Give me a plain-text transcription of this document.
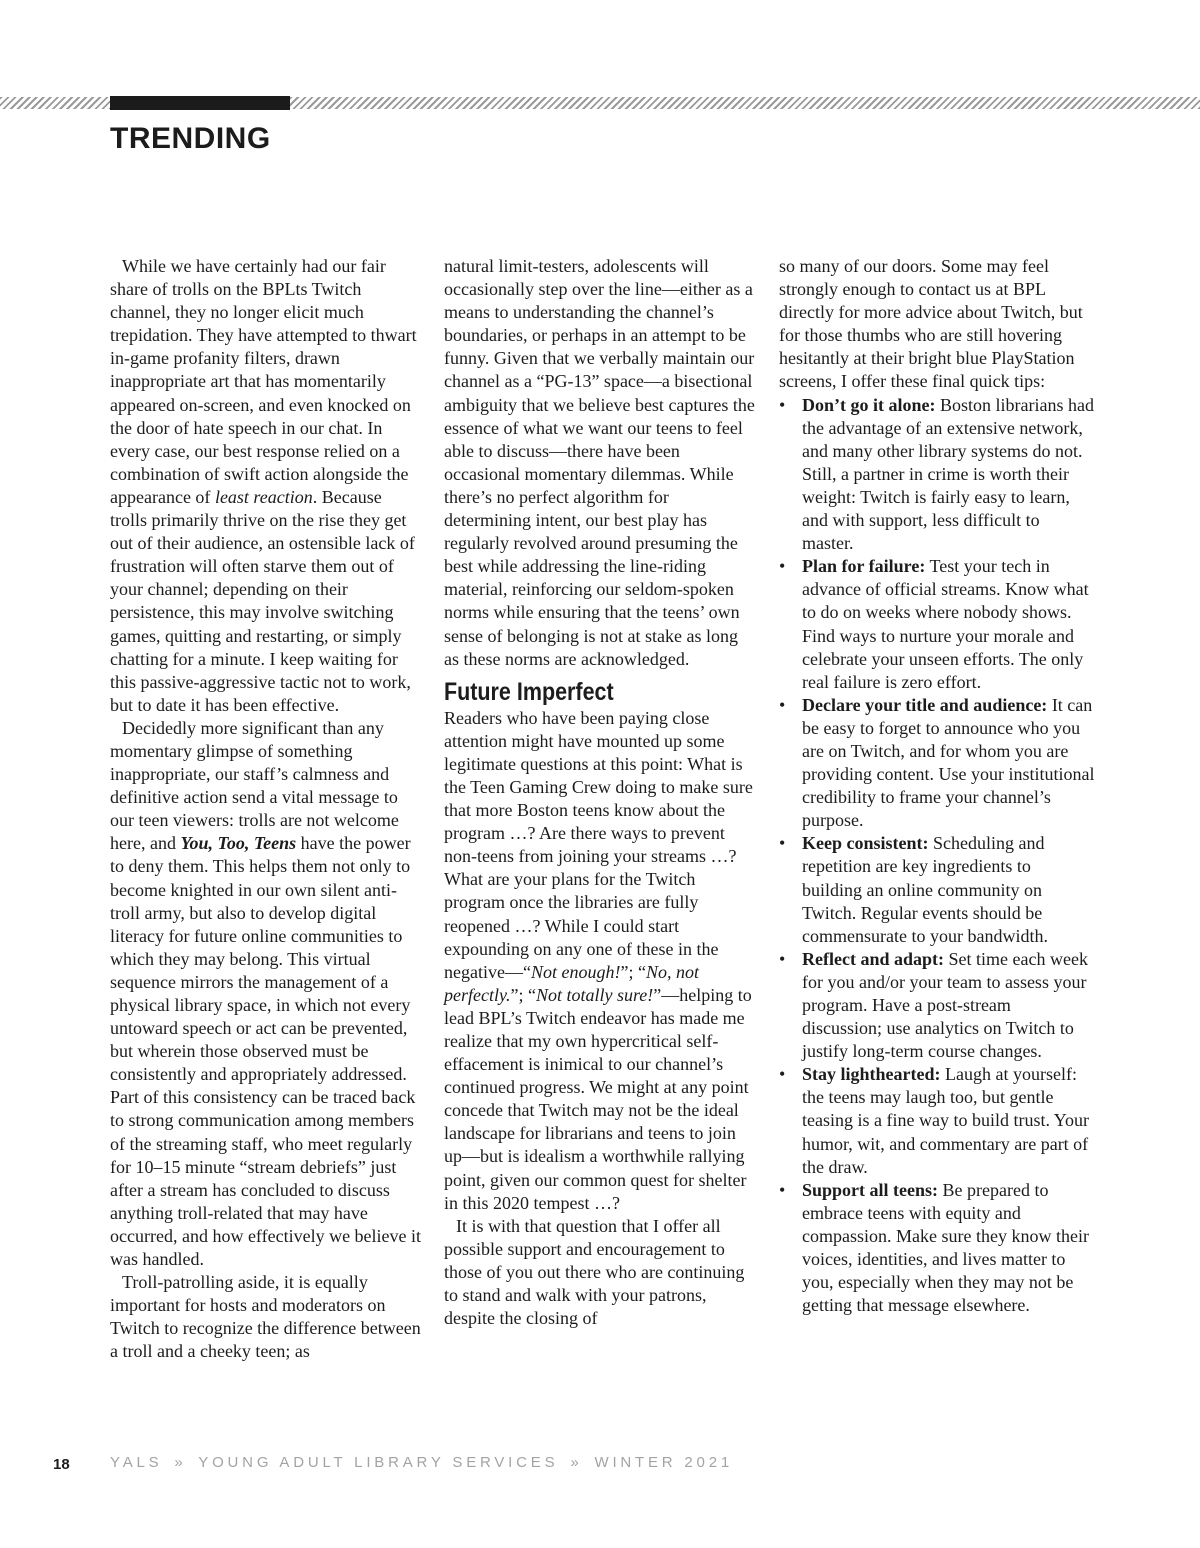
TRENDING

While we have certainly had our fair share of trolls on the BPLts Twitch channel, they no longer elicit much trepidation. They have attempted to thwart in-game profanity filters, drawn inappropriate art that has momentarily appeared on-screen, and even knocked on the door of hate speech in our chat. In every case, our best response relied on a combination of swift action alongside the appearance of least reaction. Because trolls primarily thrive on the rise they get out of their audience, an ostensible lack of frustration will often starve them out of your channel; depending on their persistence, this may involve switching games, quitting and restarting, or simply chatting for a minute. I keep waiting for this passive-aggressive tactic not to work, but to date it has been effective.

Decidedly more significant than any momentary glimpse of something inappropriate, our staff’s calmness and definitive action send a vital message to our teen viewers: trolls are not welcome here, and You, Too, Teens have the power to deny them. This helps them not only to become knighted in our own silent anti-troll army, but also to develop digital literacy for future online communities to which they may belong. This virtual sequence mirrors the management of a physical library space, in which not every untoward speech or act can be prevented, but wherein those observed must be consistently and appropriately addressed. Part of this consistency can be traced back to strong communication among members of the streaming staff, who meet regularly for 10–15 minute “stream debriefs” just after a stream has concluded to discuss anything troll-related that may have occurred, and how effectively we believe it was handled.

Troll-patrolling aside, it is equally important for hosts and moderators on Twitch to recognize the difference between a troll and a cheeky teen; as

natural limit-testers, adolescents will occasionally step over the line—either as a means to understanding the channel’s boundaries, or perhaps in an attempt to be funny. Given that we verbally maintain our channel as a “PG-13” space—a bisectional ambiguity that we believe best captures the essence of what we want our teens to feel able to discuss—there have been occasional momentary dilemmas. While there’s no perfect algorithm for determining intent, our best play has regularly revolved around presuming the best while addressing the line-riding material, reinforcing our seldom-spoken norms while ensuring that the teens’ own sense of belonging is not at stake as long as these norms are acknowledged.

Future Imperfect

Readers who have been paying close attention might have mounted up some legitimate questions at this point: What is the Teen Gaming Crew doing to make sure that more Boston teens know about the program …? Are there ways to prevent non-teens from joining your streams …? What are your plans for the Twitch program once the libraries are fully reopened …? While I could start expounding on any one of these in the negative—“Not enough!”; “No, not perfectly.”; “Not totally sure!”—helping to lead BPL’s Twitch endeavor has made me realize that my own hypercritical self-effacement is inimical to our channel’s continued progress. We might at any point concede that Twitch may not be the ideal landscape for librarians and teens to join up—but is idealism a worthwhile rallying point, given our common quest for shelter in this 2020 tempest …?

It is with that question that I offer all possible support and encouragement to those of you out there who are continuing to stand and walk with your patrons, despite the closing of

so many of our doors. Some may feel strongly enough to contact us at BPL directly for more advice about Twitch, but for those thumbs who are still hovering hesitantly at their bright blue PlayStation screens, I offer these final quick tips:

• Don’t go it alone: Boston librarians had the advantage of an extensive network, and many other library systems do not. Still, a partner in crime is worth their weight: Twitch is fairly easy to learn, and with support, less difficult to master.
• Plan for failure: Test your tech in advance of official streams. Know what to do on weeks where nobody shows. Find ways to nurture your morale and celebrate your unseen efforts. The only real failure is zero effort.
• Declare your title and audience: It can be easy to forget to announce who you are on Twitch, and for whom you are providing content. Use your institutional credibility to frame your channel’s purpose.
• Keep consistent: Scheduling and repetition are key ingredients to building an online community on Twitch. Regular events should be commensurate to your bandwidth.
• Reflect and adapt: Set time each week for you and/or your team to assess your program. Have a post-stream discussion; use analytics on Twitch to justify long-term course changes.
• Stay lighthearted: Laugh at yourself: the teens may laugh too, but gentle teasing is a fine way to build trust. Your humor, wit, and commentary are part of the draw.
• Support all teens: Be prepared to embrace teens with equity and compassion. Make sure they know their voices, identities, and lives matter to you, especially when they may not be getting that message elsewhere.
18	YALS » YOUNG ADULT LIBRARY SERVICES » WINTER 2021
